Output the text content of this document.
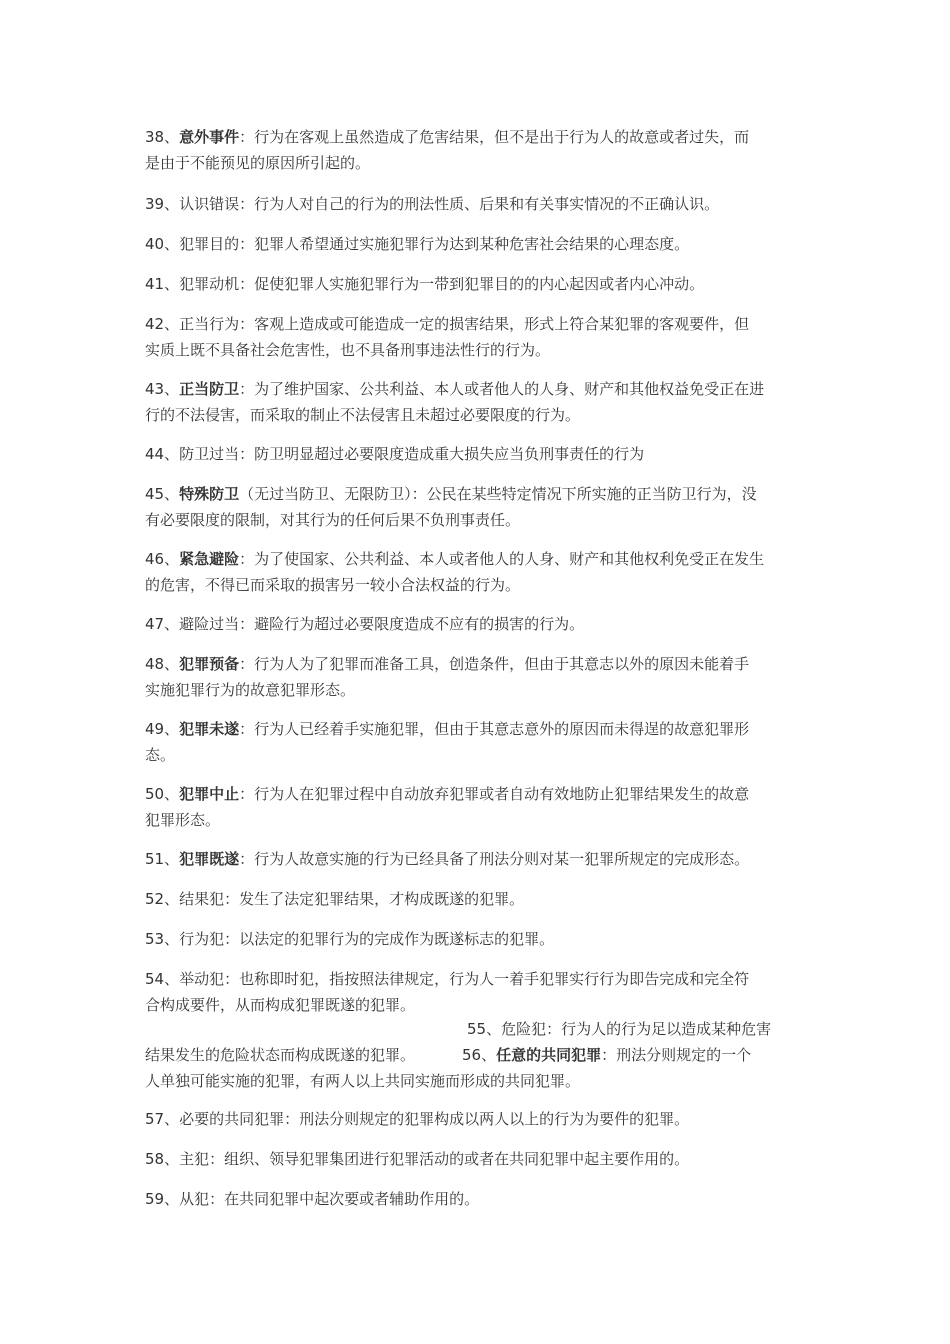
38、意外事件：行为在客观上虽然造成了危害结果，但不是出于行为人的故意或者过失，而
是由于不能预见的原因所引起的。

39、认识错误：行为人对自己的行为的刑法性质、后果和有关事实情况的不正确认识。

40、犯罪目的：犯罪人希望通过实施犯罪行为达到某种危害社会结果的心理态度。

41、犯罪动机：促使犯罪人实施犯罪行为一带到犯罪目的的内心起因或者内心冲动。

42、正当行为：客观上造成或可能造成一定的损害结果，形式上符合某犯罪的客观要件，但
实质上既不具备社会危害性，也不具备刑事违法性行的行为。

43、正当防卫：为了维护国家、公共利益、本人或者他人的人身、财产和其他权益免受正在进
行的不法侵害，而采取的制止不法侵害且未超过必要限度的行为。

44、防卫过当：防卫明显超过必要限度造成重大损失应当负刑事责任的行为

45、特殊防卫（无过当防卫、无限防卫）：公民在某些特定情况下所实施的正当防卫行为，没
有必要限度的限制，对其行为的任何后果不负刑事责任。

46、紧急避险：为了使国家、公共利益、本人或者他人的人身、财产和其他权利免受正在发生
的危害，不得已而采取的损害另一较小合法权益的行为。

47、避险过当：避险行为超过必要限度造成不应有的损害的行为。

48、犯罪预备：行为人为了犯罪而准备工具，创造条件，但由于其意志以外的原因未能着手
实施犯罪行为的故意犯罪形态。

49、犯罪未遂：行为人已经着手实施犯罪，但由于其意志意外的原因而未得逞的故意犯罪形
态。

50、犯罪中止：行为人在犯罪过程中自动放弃犯罪或者自动有效地防止犯罪结果发生的故意
犯罪形态。

51、犯罪既遂：行为人故意实施的行为已经具备了刑法分则对某一犯罪所规定的完成形态。

52、结果犯：发生了法定犯罪结果，才构成既遂的犯罪。

53、行为犯：以法定的犯罪行为的完成作为既遂标志的犯罪。

54、举动犯：也称即时犯，指按照法律规定，行为人一着手犯罪实行行为即告完成和完全符
合构成要件，从而构成犯罪既遂的犯罪。

55、危险犯：行为人的行为足以造成某种危害
结果发生的危险状态而构成既遂的犯罪。	56、任意的共同犯罪：刑法分则规定的一个
人单独可能实施的犯罪，有两人以上共同实施而形成的共同犯罪。

57、必要的共同犯罪：刑法分则规定的犯罪构成以两人以上的行为为要件的犯罪。

58、主犯：组织、领导犯罪集团进行犯罪活动的或者在共同犯罪中起主要作用的。

59、从犯：在共同犯罪中起次要或者辅助作用的。
